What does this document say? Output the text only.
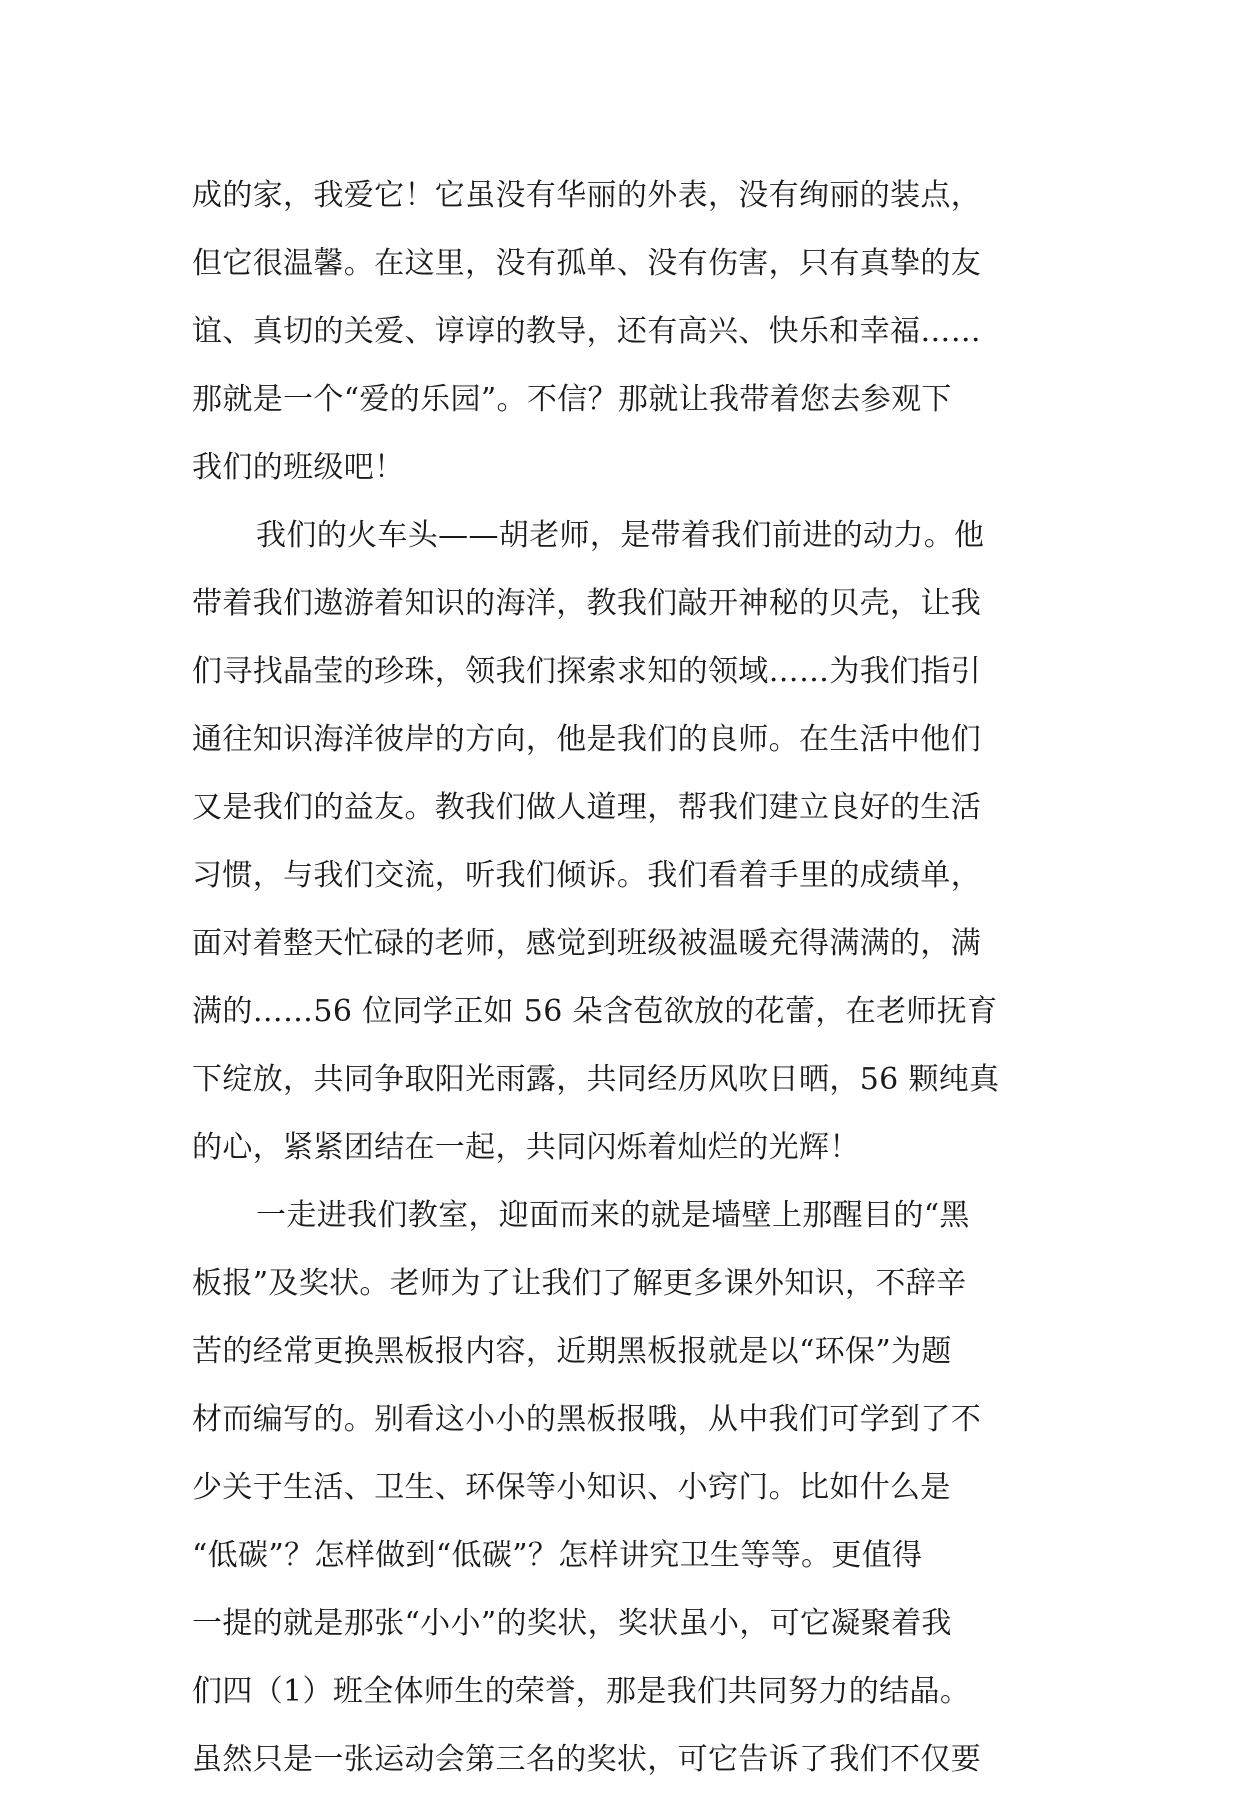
成的家，我爱它！它虽没有华丽的外表，没有绚丽的装点，
但它很温馨。在这里，没有孤单、没有伤害，只有真挚的友
谊、真切的关爱、谆谆的教导，还有高兴、快乐和幸福……
那就是一个“爱的乐园”。不信？那就让我带着您去参观下
我们的班级吧！
我们的火车头——胡老师，是带着我们前进的动力。他
带着我们遨游着知识的海洋，教我们敲开神秘的贝壳，让我
们寻找晶莹的珍珠，领我们探索求知的领域……为我们指引
通往知识海洋彼岸的方向，他是我们的良师。在生活中他们
又是我们的益友。教我们做人道理，帮我们建立良好的生活
习惯，与我们交流，听我们倾诉。我们看着手里的成绩单，
面对着整天忙碌的老师，感觉到班级被温暖充得满满的，满
满的……56 位同学正如 56 朵含苞欲放的花蕾，在老师抚育
下绽放，共同争取阳光雨露，共同经历风吹日晒，56 颗纯真
的心，紧紧团结在一起，共同闪烁着灿烂的光辉！
一走进我们教室，迎面而来的就是墙壁上那醒目的“黑
板报”及奖状。老师为了让我们了解更多课外知识，不辞辛
苦的经常更换黑板报内容，近期黑板报就是以“环保”为题
材而编写的。别看这小小的黑板报哦，从中我们可学到了不
少关于生活、卫生、环保等小知识、小窍门。比如什么是
“低碳”？怎样做到“低碳”？怎样讲究卫生等等。更值得
一提的就是那张“小小”的奖状，奖状虽小，可它凝聚着我
们四（1）班全体师生的荣誉，那是我们共同努力的结晶。
虽然只是一张运动会第三名的奖状，可它告诉了我们不仅要
